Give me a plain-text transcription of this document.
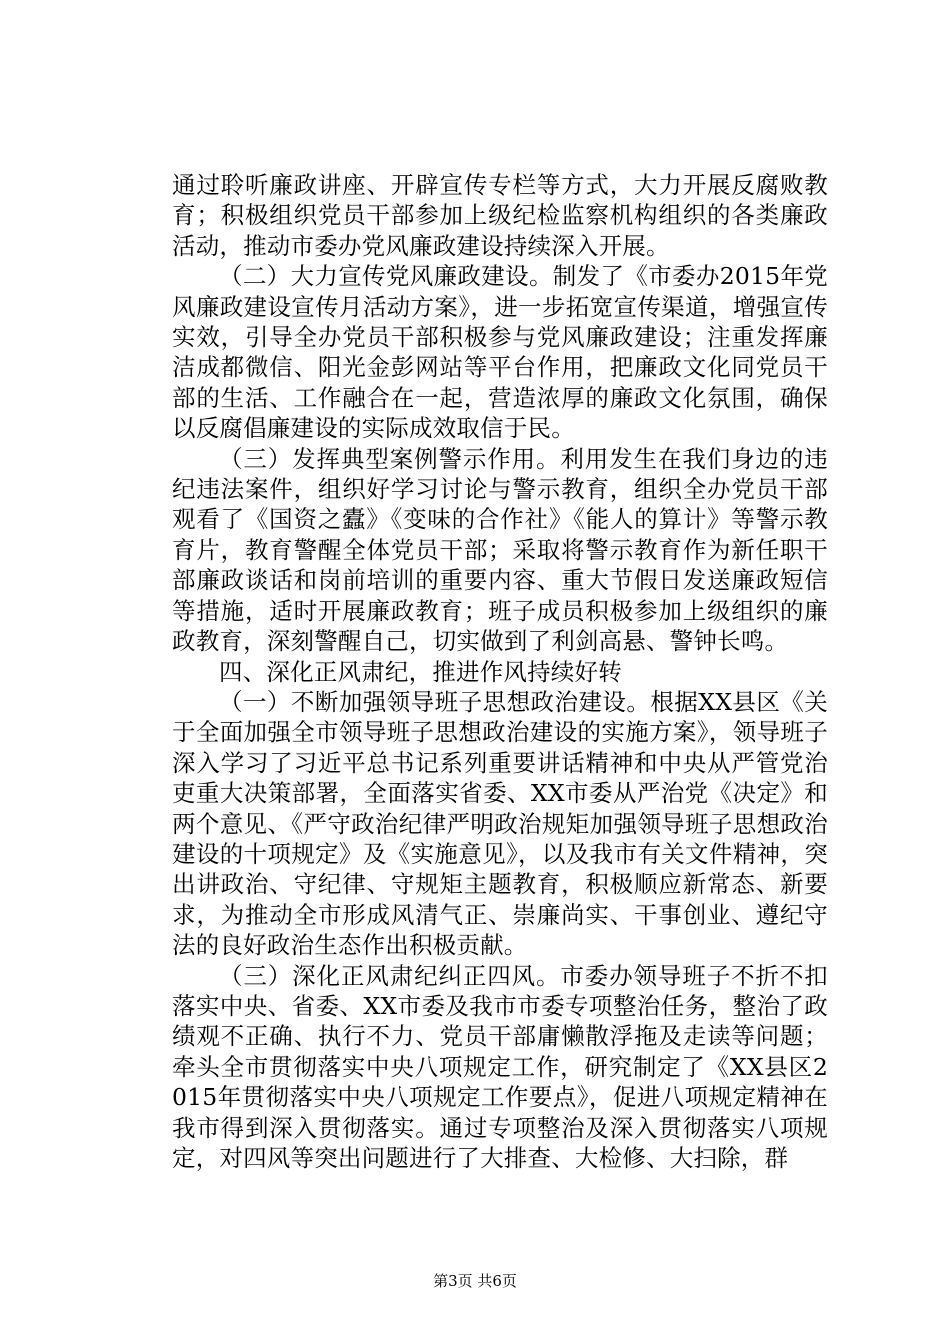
通过聆听廉政讲座、开辟宣传专栏等方式，大力开展反腐败教育；积极组织党员干部参加上级纪检监察机构组织的各类廉政活动，推动市委办党风廉政建设持续深入开展。

（二）大力宣传党风廉政建设。制发了《市委办2015年党风廉政建设宣传月活动方案》，进一步拓宽宣传渠道，增强宣传实效，引导全办党员干部积极参与党风廉政建设；注重发挥廉洁成都微信、阳光金彭网站等平台作用，把廉政文化同党员干部的生活、工作融合在一起，营造浓厚的廉政文化氛围，确保以反腐倡廉建设的实际成效取信于民。

（三）发挥典型案例警示作用。利用发生在我们身边的违纪违法案件，组织好学习讨论与警示教育，组织全办党员干部观看了《国资之蠹》《变味的合作社》《能人的算计》等警示教育片，教育警醒全体党员干部；采取将警示教育作为新任职干部廉政谈话和岗前培训的重要内容、重大节假日发送廉政短信等措施，适时开展廉政教育；班子成员积极参加上级组织的廉政教育，深刻警醒自己，切实做到了利剑高悬、警钟长鸣。

四、深化正风肃纪，推进作风持续好转

（一）不断加强领导班子思想政治建设。根据XX县区《关于全面加强全市领导班子思想政治建设的实施方案》，领导班子深入学习了习近平总书记系列重要讲话精神和中央从严管党治吏重大决策部署，全面落实省委、XX市委从严治党《决定》和两个意见、《严守政治纪律严明政治规矩加强领导班子思想政治建设的十项规定》及《实施意见》，以及我市有关文件精神，突出讲政治、守纪律、守规矩主题教育，积极顺应新常态、新要求，为推动全市形成风清气正、崇廉尚实、干事创业、遵纪守法的良好政治生态作出积极贡献。

（三）深化正风肃纪纠正四风。市委办领导班子不折不扣落实中央、省委、XX市委及我市市委专项整治任务，整治了政绩观不正确、执行不力、党员干部庸懒散浮拖及走读等问题；牵头全市贯彻落实中央八项规定工作，研究制定了《XX县区2015年贯彻落实中央八项规定工作要点》，促进八项规定精神在我市得到深入贯彻落实。通过专项整治及深入贯彻落实八项规定，对四风等突出问题进行了大排查、大检修、大扫除，群

第3页 共6页
